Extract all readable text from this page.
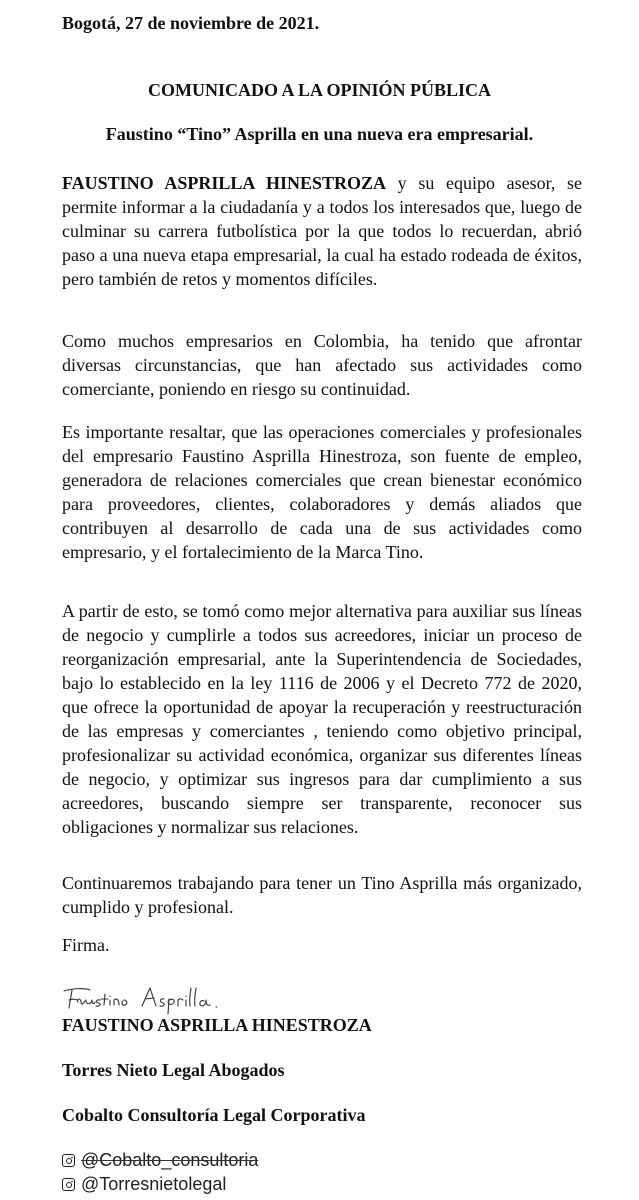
Bogotá, 27 de noviembre de 2021.
COMUNICADO A LA OPINIÓN PÚBLICA
Faustino “Tino” Asprilla en una nueva era empresarial.

FAUSTINO ASPRILLA HINESTROZA y su equipo asesor, se permite informar a la ciudadanía y a todos los interesados que, luego de culminar su carrera futbolística por la que todos lo recuerdan, abrió paso a una nueva etapa empresarial, la cual ha estado rodeada de éxitos, pero también de retos y momentos difíciles.

Como muchos empresarios en Colombia, ha tenido que afrontar diversas circunstancias, que han afectado sus actividades como comerciante, poniendo en riesgo su continuidad.

Es importante resaltar, que las operaciones comerciales y profesionales del empresario Faustino Asprilla Hinestroza, son fuente de empleo, generadora de relaciones comerciales que crean bienestar económico para proveedores, clientes, colaboradores y demás aliados que contribuyen al desarrollo de cada una de sus actividades como empresario, y el fortalecimiento de la Marca Tino.

A partir de esto, se tomó como mejor alternativa para auxiliar sus líneas de negocio y cumplirle a todos sus acreedores, iniciar un proceso de reorganización empresarial, ante la Superintendencia de Sociedades, bajo lo establecido en la ley 1116 de 2006 y el Decreto 772 de 2020, que ofrece la oportunidad de apoyar la recuperación y reestructuración de las empresas y comerciantes , teniendo como objetivo principal, profesionalizar su actividad económica, organizar sus diferentes líneas de negocio, y optimizar sus ingresos para dar cumplimiento a sus acreedores, buscando siempre ser transparente, reconocer sus obligaciones y normalizar sus relaciones.

Continuaremos trabajando para tener un Tino Asprilla más organizado, cumplido y profesional.

Firma.
FAUSTINO ASPRILLA HINESTROZA
Torres Nieto Legal Abogados
Cobalto Consultoría Legal Corporativa
@Cobalto_consultoria
@Torresnietolegal
